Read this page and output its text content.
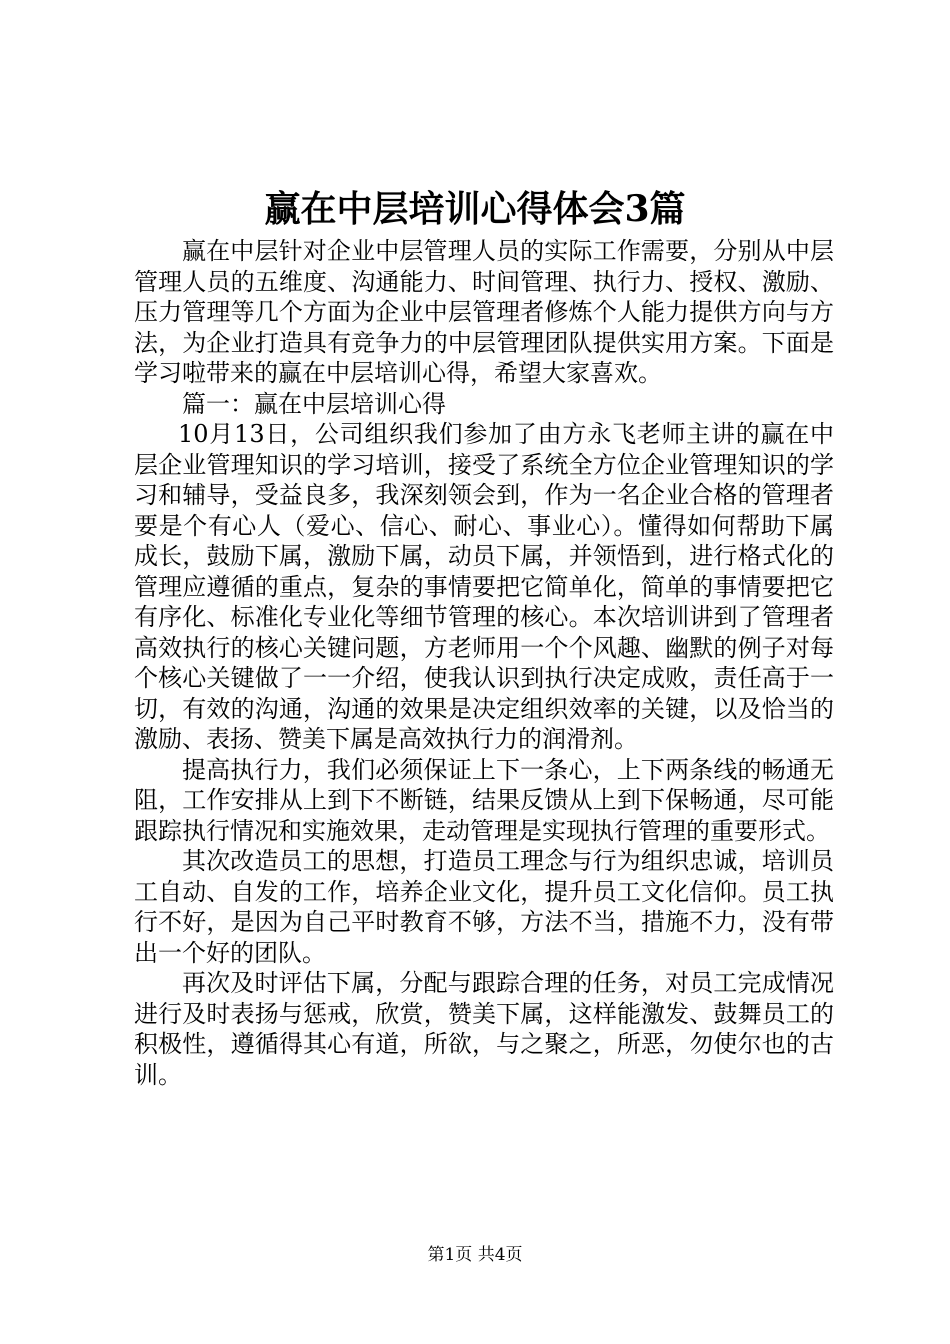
赢在中层培训心得体会3篇

赢在中层针对企业中层管理人员的实际工作需要，分别从中层管理人员的五维度、沟通能力、时间管理、执行力、授权、激励、压力管理等几个方面为企业中层管理者修炼个人能力提供方向与方法，为企业打造具有竞争力的中层管理团队提供实用方案。下面是学习啦带来的赢在中层培训心得，希望大家喜欢。

篇一：赢在中层培训心得

10月13日，公司组织我们参加了由方永飞老师主讲的赢在中层企业管理知识的学习培训，接受了系统全方位企业管理知识的学习和辅导，受益良多，我深刻领会到，作为一名企业合格的管理者要是个有心人（爱心、信心、耐心、事业心）。懂得如何帮助下属成长，鼓励下属，激励下属，动员下属，并领悟到，进行格式化的管理应遵循的重点，复杂的事情要把它简单化，简单的事情要把它有序化、标准化专业化等细节管理的核心。本次培训讲到了管理者高效执行的核心关键问题，方老师用一个个风趣、幽默的例子对每个核心关键做了一一介绍，使我认识到执行决定成败，责任高于一切，有效的沟通，沟通的效果是决定组织效率的关键，以及恰当的激励、表扬、赞美下属是高效执行力的润滑剂。

提高执行力，我们必须保证上下一条心，上下两条线的畅通无阻，工作安排从上到下不断链，结果反馈从上到下保畅通，尽可能跟踪执行情况和实施效果，走动管理是实现执行管理的重要形式。

其次改造员工的思想，打造员工理念与行为组织忠诚，培训员工自动、自发的工作，培养企业文化，提升员工文化信仰。员工执行不好，是因为自己平时教育不够，方法不当，措施不力，没有带出一个好的团队。

再次及时评估下属，分配与跟踪合理的任务，对员工完成情况进行及时表扬与惩戒，欣赏，赞美下属，这样能激发、鼓舞员工的积极性，遵循得其心有道，所欲，与之聚之，所恶，勿使尔也的古训。

第1页 共4页
